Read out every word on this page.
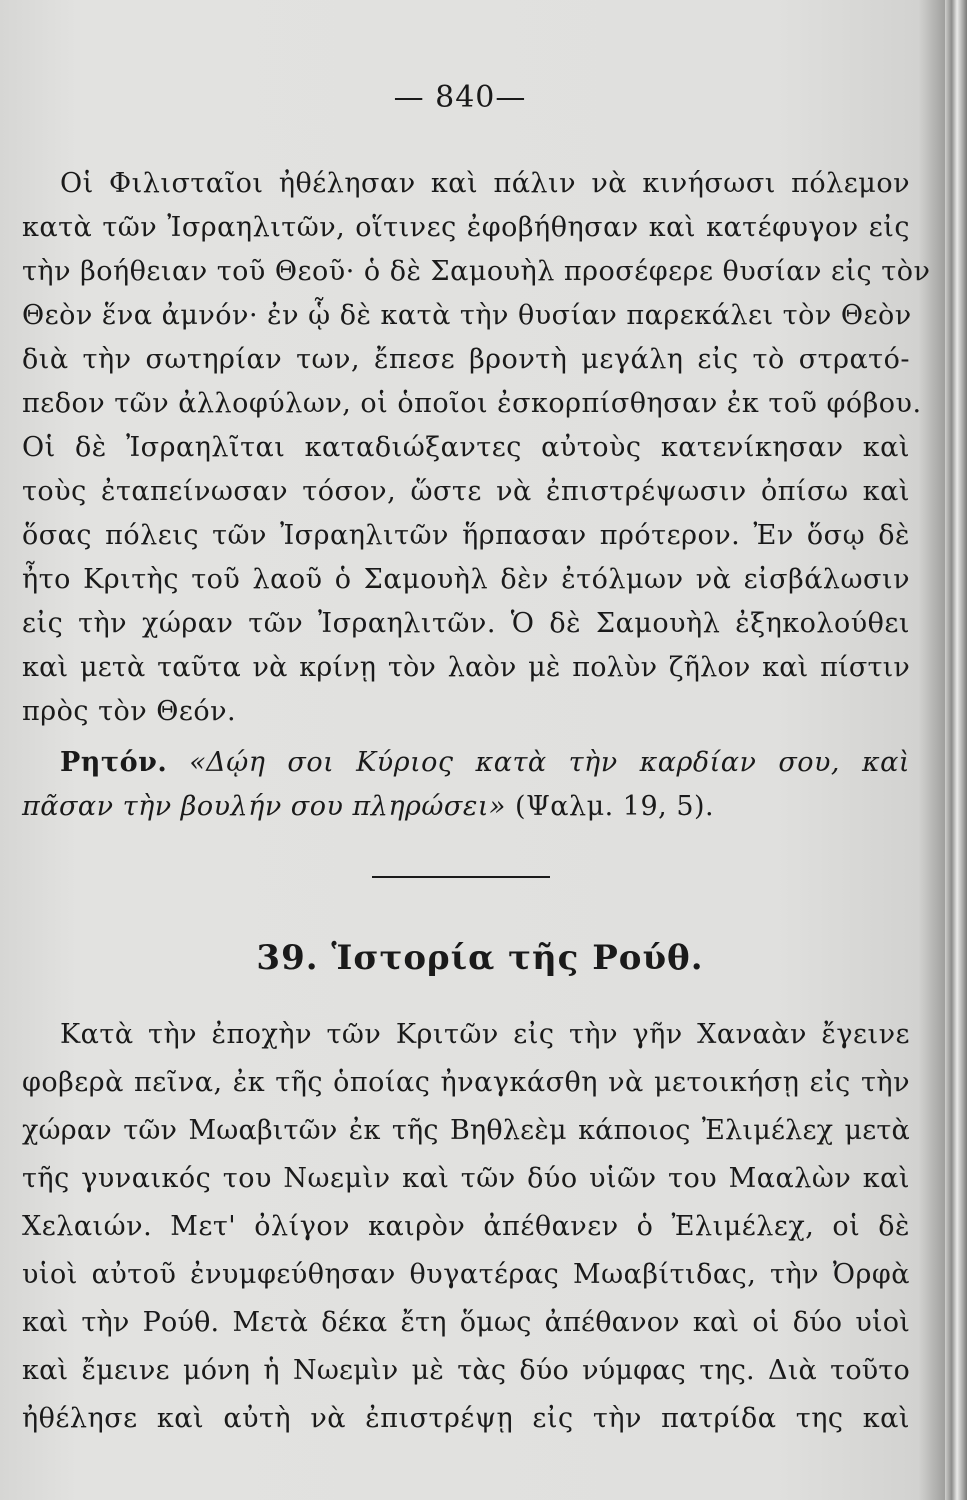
— 840—
Οἱ Φιλισταῖοι ἠθέλησαν καὶ πάλιν νὰ κινήσωσι πόλεμον
κατὰ τῶν Ἰσραηλιτῶν, οἵτινες ἐφοβήθησαν καὶ κατέφυγον εἰς
τὴν βοήθειαν τοῦ Θεοῦ· ὁ δὲ Σαμουὴλ προσέφερε θυσίαν εἰς τὸν
Θεὸν ἕνα ἀμνόν· ἐν ᾧ δὲ κατὰ τὴν θυσίαν παρεκάλει τὸν Θεὸν
διὰ τὴν σωτηρίαν των, ἔπεσε βροντὴ μεγάλη εἰς τὸ στρατό-
πεδον τῶν ἀλλοφύλων, οἱ ὁποῖοι ἐσκορπίσθησαν ἐκ τοῦ φόβου.
Οἱ δὲ Ἰσραηλῖται καταδιώξαντες αὐτοὺς κατενίκησαν καὶ
τοὺς ἐταπείνωσαν τόσον, ὥστε νὰ ἐπιστρέψωσιν ὀπίσω καὶ
ὅσας πόλεις τῶν Ἰσραηλιτῶν ἥρπασαν πρότερον. Ἐν ὅσῳ δὲ
ἦτο Κριτὴς τοῦ λαοῦ ὁ Σαμουὴλ δὲν ἐτόλμων νὰ εἰσβάλωσιν
εἰς τὴν χώραν τῶν Ἰσραηλιτῶν. Ὁ δὲ Σαμουὴλ ἐξηκολούθει
καὶ μετὰ ταῦτα νὰ κρίνῃ τὸν λαὸν μὲ πολὺν ζῆλον καὶ πίστιν
πρὸς τὸν Θεόν.
Ρητόν. «Δῴη σοι Κύριος κατὰ τὴν καρδίαν σου, καὶ
πᾶσαν τὴν βουλήν σου πληρώσει» (Ψαλμ. 19, 5).
39. Ἱστορία τῆς Ρούθ.
Κατὰ τὴν ἐποχὴν τῶν Κριτῶν εἰς τὴν γῆν Χαναὰν ἔγεινε
φοβερὰ πεῖνα, ἐκ τῆς ὁποίας ἠναγκάσθη νὰ μετοικήσῃ εἰς τὴν
χώραν τῶν Μωαβιτῶν ἐκ τῆς Βηθλεὲμ κάποιος Ἐλιμέλεχ μετὰ
τῆς γυναικός του Νωεμὶν καὶ τῶν δύο υἱῶν του Μααλὼν καὶ
Χελαιών. Μετ' ὀλίγον καιρὸν ἀπέθανεν ὁ Ἐλιμέλεχ, οἱ δὲ
υἱοὶ αὐτοῦ ἐνυμφεύθησαν θυγατέρας Μωαβίτιδας, τὴν Ὀρφὰ
καὶ τὴν Ρούθ. Μετὰ δέκα ἔτη ὅμως ἀπέθανον καὶ οἱ δύο υἱοὶ
καὶ ἔμεινε μόνη ἡ Νωεμὶν μὲ τὰς δύο νύμφας της. Διὰ τοῦτο
ἠθέλησε καὶ αὐτὴ νὰ ἐπιστρέψῃ εἰς τὴν πατρίδα της καὶ
